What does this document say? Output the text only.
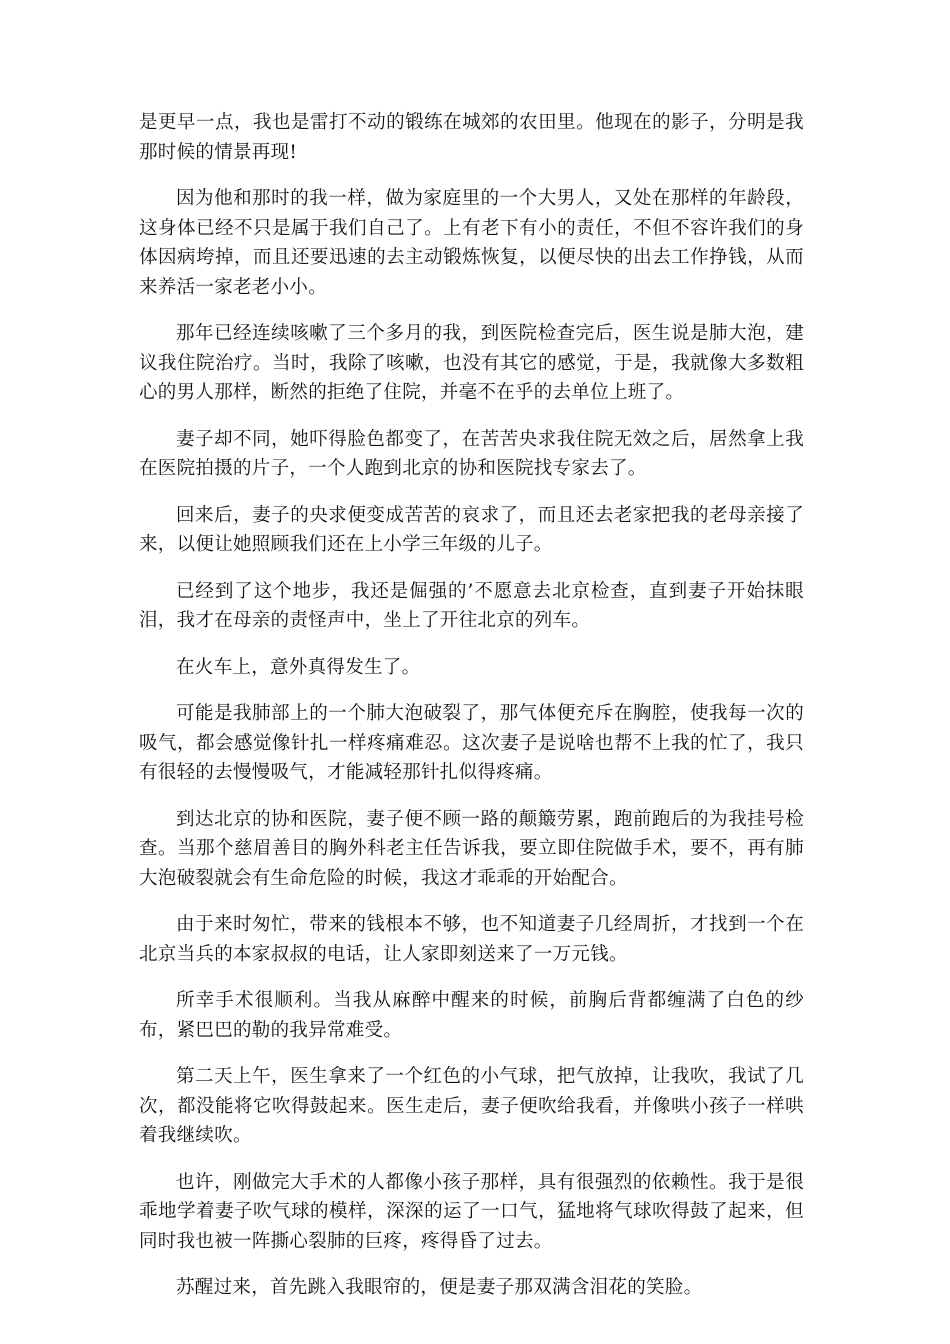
是更早一点，我也是雷打不动的锻练在城郊的农田里。他现在的影子，分明是我那时候的情景再现!

因为他和那时的我一样，做为家庭里的一个大男人，又处在那样的年龄段，这身体已经不只是属于我们自己了。上有老下有小的责任，不但不容许我们的身体因病垮掉，而且还要迅速的去主动锻炼恢复，以便尽快的出去工作挣钱，从而来养活一家老老小小。

那年已经连续咳嗽了三个多月的我，到医院检查完后，医生说是肺大泡，建议我住院治疗。当时，我除了咳嗽，也没有其它的感觉，于是，我就像大多数粗心的男人那样，断然的拒绝了住院，并毫不在乎的去单位上班了。

妻子却不同，她吓得脸色都变了，在苦苦央求我住院无效之后，居然拿上我在医院拍摄的片子，一个人跑到北京的协和医院找专家去了。

回来后，妻子的央求便变成苦苦的哀求了，而且还去老家把我的老母亲接了来，以便让她照顾我们还在上小学三年级的儿子。

已经到了这个地步，我还是倔强的’不愿意去北京检查，直到妻子开始抹眼泪，我才在母亲的责怪声中，坐上了开往北京的列车。

在火车上，意外真得发生了。

可能是我肺部上的一个肺大泡破裂了，那气体便充斥在胸腔，使我每一次的吸气，都会感觉像针扎一样疼痛难忍。这次妻子是说啥也帮不上我的忙了，我只有很轻的去慢慢吸气，才能减轻那针扎似得疼痛。

到达北京的协和医院，妻子便不顾一路的颠簸劳累，跑前跑后的为我挂号检查。当那个慈眉善目的胸外科老主任告诉我，要立即住院做手术，要不，再有肺大泡破裂就会有生命危险的时候，我这才乖乖的开始配合。

由于来时匆忙，带来的钱根本不够，也不知道妻子几经周折，才找到一个在北京当兵的本家叔叔的电话，让人家即刻送来了一万元钱。

所幸手术很顺利。当我从麻醉中醒来的时候，前胸后背都缠满了白色的纱布，紧巴巴的勒的我异常难受。

第二天上午，医生拿来了一个红色的小气球，把气放掉，让我吹，我试了几次，都没能将它吹得鼓起来。医生走后，妻子便吹给我看，并像哄小孩子一样哄着我继续吹。

也许，刚做完大手术的人都像小孩子那样，具有很强烈的依赖性。我于是很乖地学着妻子吹气球的模样，深深的运了一口气，猛地将气球吹得鼓了起来，但同时我也被一阵撕心裂肺的巨疼，疼得昏了过去。

苏醒过来，首先跳入我眼帘的，便是妻子那双满含泪花的笑脸。
